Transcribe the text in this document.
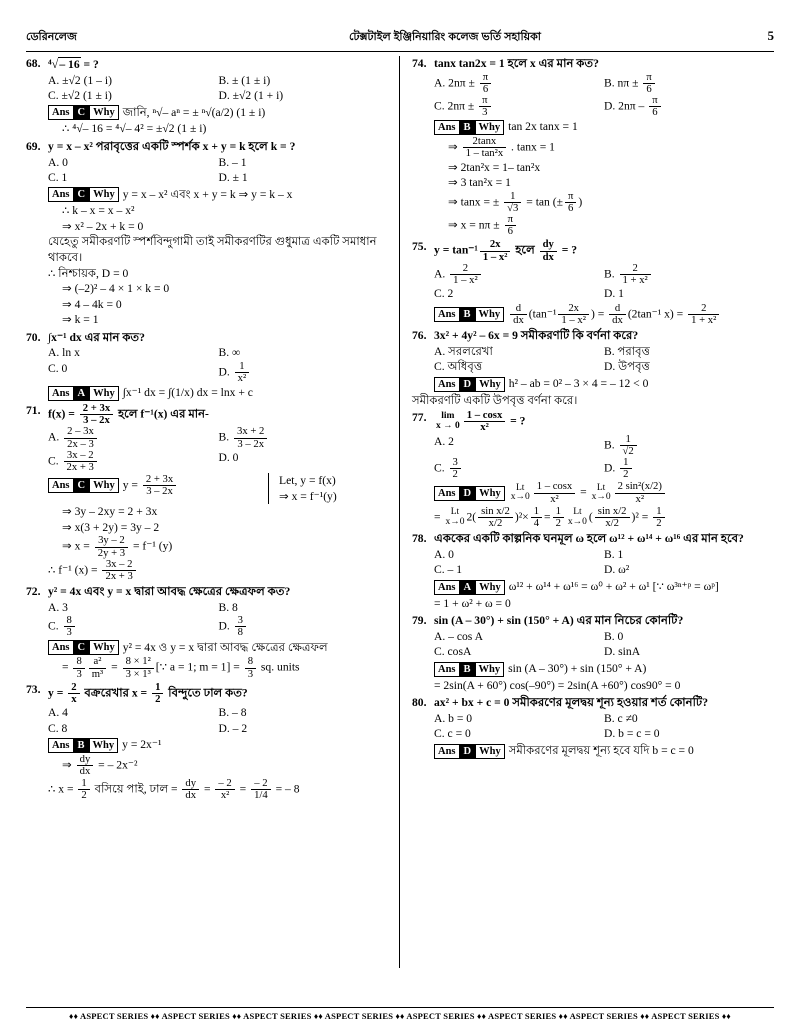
ডেরিনলেজ	টেক্সটাইল ইঞ্জিনিয়ারিং কলেজ ভর্তি সহায়িকা	5
68. ⁴√– 16 = ?
A. ±√2 (1 – i)	B. ± (1 ± i)
C. ±√2 (1 ± i)	D. ±√2 (1 + i)
Ans C Why জানি, ⁿ√– aⁿ = ± ⁿ√(a/2) (1 ± i)
∴ ⁴√– 16 = ⁴√– 4² = ±√2 (1 ± i)
69. y = x – x² পরাবৃত্তের একটি স্পর্শক x + y = k হলে k = ?
A. 0	B. – 1
C. 1	D. ± 1
Ans C Why y = x – x² এবং x + y = k ⇒ y = k – x
∴ k – x = x – x²
⇒ x² – 2x + k = 0
যেহেতু সমীকরণটি স্পর্শবিন্দুগামী তাই সমীকরণটির গুধুমাত্র একটি সমাধান থাকবে।
∴ নিশ্চায়ক, D = 0
⇒ (–2)² – 4 × 1 × k = 0
⇒ 4 – 4k = 0
⇒ k = 1
70. ∫x⁻¹ dx এর মান কত?
A. ln x	B. ∞
C. 0	D. $\frac{1}{\text{x²}}$
Ans A Why ∫x⁻¹ dx = ∫(1/x) dx = lnx + c
71. $f(x) = \frac{2 + 3x}{3 - 2x}$ হলে f⁻¹(x) এর মান-
A. $\frac{2 - 3x}{2x - 3}$	B. $\frac{3x + 2}{3 - 2x}$
C. $\frac{3x - 2}{2x + 3}$	D. 0
Ans C Why $y = \frac{2 + 3x}{3 - 2x}$	Let, y = f(x)
⇒ x = f⁻¹(y)
⇒ 3y – 2xy = 2 + 3x
⇒ x(3 + 2y) = 3y – 2
⇒ $x = \frac{3y - 2}{2y + 3} = f^{-1}$ (y)
∴ f⁻¹ $(x) = \frac{3x - 2}{2x + 3}$
72. y² = 4x এবং y = x দ্বারা আবদ্ধ ক্ষেত্রের ক্ষেত্রফল কত?
A. 3	B. 8
C. $\frac{8}{3}$	D. $\frac{3}{8}$
Ans C Why y² = 4x ও y = x দ্বারা আবদ্ধ ক্ষেত্রের ক্ষেত্রফল
= $\frac{8}{3} \frac{\text{a²}}{\text{m³}} = \frac{\text{8 × 1²}}{\text{3 × 1³}}$ [∵ a = 1; $m = 1] = \frac{8}{3}$ sq. units
73. $y = \frac{2}{x}$ বক্ররেখার $x = \frac{1}{2}$ বিন্দুতে ঢাল কত?
A. 4	B. – 8
C. 8	D. – 2
Ans B Why y = 2x⁻¹
⇒ $\frac{dy}{dx}$ = – 2x⁻²
∴ $x = \frac{1}{2}$ বসিয়ে পাই, ঢাল = $\frac{dy}{dx} = \frac{- 2}{\text{x²}} = \frac{- 2}{1/4}$ = – 8
74. tanx tan2x = 1 হলে x এর মান কত?
A. $2n\pi \pm \frac{\pi}{6}$	B. $n\pi \pm \frac{\pi}{6}$
C. $2n\pi \pm \frac{\pi}{3}$	D. $2n\pi - \frac{\pi}{6}$
Ans B Why tan 2x tanx = 1
⇒ $\frac{2\tan x}{\text{1 – tan²x}}$ . tanx = 1
⇒ 2tan²x = 1– tan²x
⇒ 3 tan²x = 1
⇒ tanx = ± $\frac{1}{√3} = \tan$ (± $\frac{\pi}{6}$ )
⇒ $x = n\pi \pm \frac{\pi}{6}$
75. $y = \tan^{-1} \frac{2x}{\text{1 – x²}}$ হলে $\frac{dy}{dx}$ = ?
A. $\frac{2}{\text{1 – x²}}$	B. $\frac{2}{\text{1 + x²}}$
C. 2	D. 1
Ans B Why $\frac{d}{dx} (\tan^{-1} \frac{2x}{\text{1 – x²}}$ ) = $\frac{d}{dx} (2\tan^{-1}$ $x) = \frac{2}{\text{1 + x²}}$
76. 3x² + 4y² – 6x = 9 সমীকরণটি কি বর্ণনা করে?
A. সরলরেখা	B. পরাবৃত্ত
C. অধিবৃত্ত	D. উপবৃত্ত
Ans D Why h² – ab = 0² – 3 × 4 = – 12 < 0
সমীকরণটি একটি উপবৃত্ত বর্ণনা করে।
77.	lim
$x \to 0 \frac{1 - \cos x}{\text{x²}}$ = ?
A. 2	B. $\frac{1}{√2}$
C. $\frac{3}{2}$	D. $\frac{1}{2}$
Ans D Why	Lt
$x\to 0 \frac{1 - \cos x}{\text{x²}} = Lt$
$x\to 0 \frac{\text{2 sin²(x/2)}}{\text{x²}}$
= Lt
x→0 $2( \frac{\text{sin x/2}}{x/2} )^2\times \frac{1}{4} = \frac{1}{2}$ Lt
x→0 ( $\frac{\text{sin x/2}}{x/2} )^2 = \frac{1}{2}$
78. এককের একটি কাল্পনিক ঘনমূল ω হলে ω¹² + ω¹⁴ + ω¹⁶ এর মান হবে?
A. 0	B. 1
C. – 1	D. ω²
Ans A Why ω¹² + ω¹⁴ + ω¹⁶ = ω⁰ + ω² + ω¹ [∵ ω³ⁿ⁺ᵖ = ωᵖ]
= 1 + ω² + ω = 0
79. sin (A – 30°) + sin (150° + A) এর মান নিচের কোনটি?
A. – cos A	B. 0
C. cosA	D. sinA
Ans B Why sin (A – 30°) + sin (150° + A)
= 2sin(A + 60°) cos(–90°) = 2sin(A +60°) cos90° = 0
80. ax² + bx + c = 0 সমীকরণের মূলদ্বয় শূন্য হওয়ার শর্ত কোনটি?
A. b = 0	B. c ≠0
C. c = 0	D. b = c = 0
Ans D Why সমীকরণের মূলদ্বয় শূন্য হবে যদি b = c = 0
♦♦ ASPECT SERIES ♦♦ ASPECT SERIES ♦♦ ASPECT SERIES ♦♦ ASPECT SERIES ♦♦ ASPECT SERIES ♦♦ ASPECT SERIES ♦♦ ASPECT SERIES ♦♦ ASPECT SERIES ♦♦
